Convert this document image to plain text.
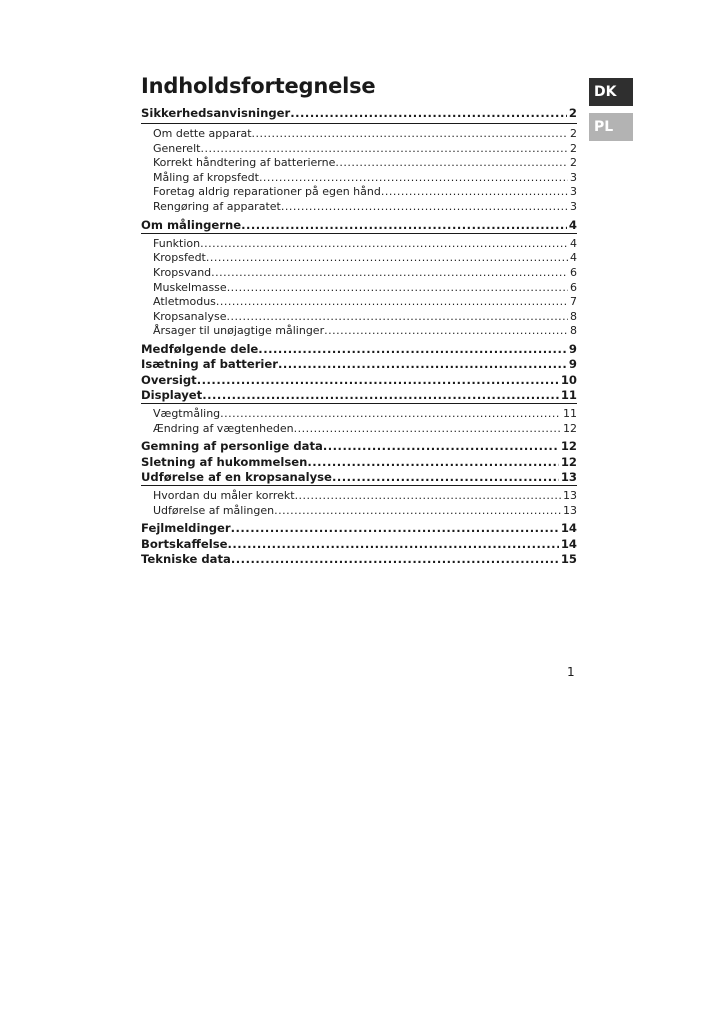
Indholdsfortegnelse	DK
PL
Sikkerhedsanvisninger .....	2
Om dette apparat .....	2
Generelt .....	2
Korrekt håndtering af batterierne .....	2
Måling af kropsfedt .....	3
Foretag aldrig reparationer på egen hånd .....	3
Rengøring af apparatet .....	3
Om målingerne .....	4
Funktion .....	4
Kropsfedt .....	4
Kropsvand .....	6
Muskelmasse .....	6
Atletmodus .....	7
Kropsanalyse .....	8
Årsager til unøjagtige målinger .....	8
Medfølgende dele .....	9
Isætning af batterier .....	9
Oversigt .....	10
Displayet .....	11
Vægtmåling .....	11
Ændring af vægtenheden .....	12
Gemning af personlige data .....	12
Sletning af hukommelsen .....	12
Udførelse af en kropsanalyse .....	13
Hvordan du måler korrekt .....	13
Udførelse af målingen .....	13
Fejlmeldinger .....	14
Bortskaffelse .....	14
Tekniske data .....	15
1
